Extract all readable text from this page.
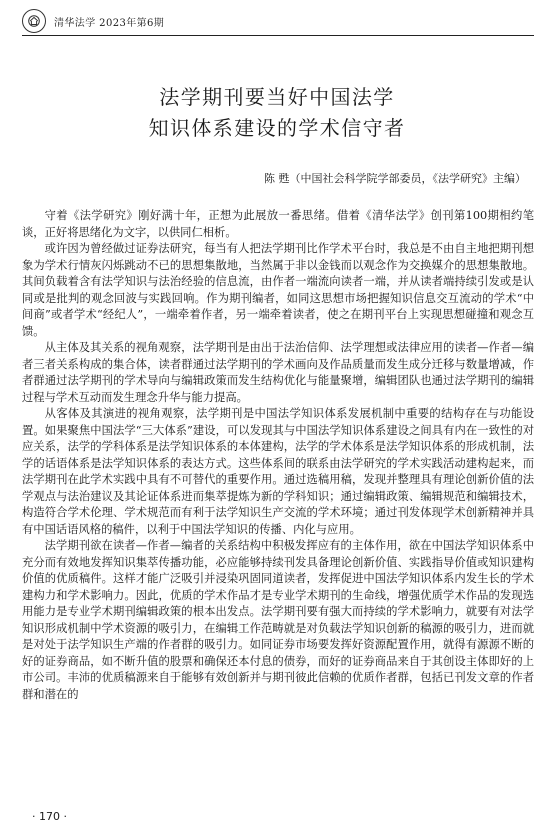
清华法学 2023年第6期
法学期刊要当好中国法学
知识体系建设的学术信守者
陈 甦（中国社会科学院学部委员，《法学研究》主编）

守着《法学研究》刚好满十年，正想为此展放一番思绪。借着《清华法学》创刊第100期相约笔谈，正好将思绪化为文字，以供同仁相析。

或许因为曾经做过证券法研究，每当有人把法学期刊比作学术平台时，我总是不由自主地把期刊想象为学术行情灰闪烁跳动不已的思想集散地，当然属于非以金钱而以观念作为交换媒介的思想集散地。其间负载着含有法学知识与法治经验的信息流，由作者一端流向读者一端，并从读者端持续引发或是认同或是批判的观念回波与实践回响。作为期刊编者，如同这思想市场把握知识信息交互流动的学术“中间商”或者学术“经纪人”，一端牵着作者，另一端牵着读者，使之在期刊平台上实现思想碰撞和观念互馈。

从主体及其关系的视角观察，法学期刊是由出于法治信仰、法学理想或法律应用的读者—作者—编者三者关系构成的集合体，读者群通过法学期刊的学术画向及作品质量而发生成分迁移与数量增减，作者群通过法学期刊的学术导向与编辑政策而发生结构优化与能量聚增，编辑团队也通过法学期刊的编辑过程与学术互动而发生理念升华与能力提高。

从客体及其演进的视角观察，法学期刊是中国法学知识体系发展机制中重要的结构存在与功能设置。如果聚焦中国法学“三大体系”建设，可以发现其与中国法学知识体系建设之间具有内在一致性的对应关系，法学的学科体系是法学知识体系的本体建构，法学的学术体系是法学知识体系的形成机制，法学的话语体系是法学知识体系的表达方式。这些体系间的联系由法学研究的学术实践活动建构起来，而法学期刊在此学术实践中具有不可替代的重要作用。通过选稿用稿，发现并整理具有理论创新价值的法学观点与法治建议及其论证体系进而集萃提炼为新的学科知识；通过编辑政策、编辑规范和编辑技术，构造符合学术伦理、学术规范而有利于法学知识生产交流的学术环境；通过刊发体现学术创新精神并具有中国话语风格的稿件，以利于中国法学知识的传播、内化与应用。

法学期刊欲在读者—作者—编者的关系结构中积极发挥应有的主体作用，欲在中国法学知识体系中充分而有效地发挥知识集萃传播功能，必应能够持续刊发具备理论创新价值、实践指导价值或知识建构价值的优质稿件。这样才能广泛吸引并浸染巩固同道读者，发挥促进中国法学知识体系内发生长的学术建构力和学术影响力。因此，优质的学术作品才是专业学术期刊的生命线，增强优质学术作品的发现选用能力是专业学术期刊编辑政策的根本出发点。法学期刊要有强大而持续的学术影响力，就要有对法学知识形成机制中学术资源的吸引力，在编辑工作范畴就是对负载法学知识创新的稿源的吸引力，进而就是对处于法学知识生产端的作者群的吸引力。如同证券市场要发挥好资源配置作用，就得有源源不断的好的证券商品，如不断升值的股票和确保还本付息的债券，而好的证券商品来自于其创设主体即好的上市公司。丰沛的优质稿源来自于能够有效创新并与期刊彼此信赖的优质作者群，包括已刊发文章的作者群和潜在的

· 170 ·
